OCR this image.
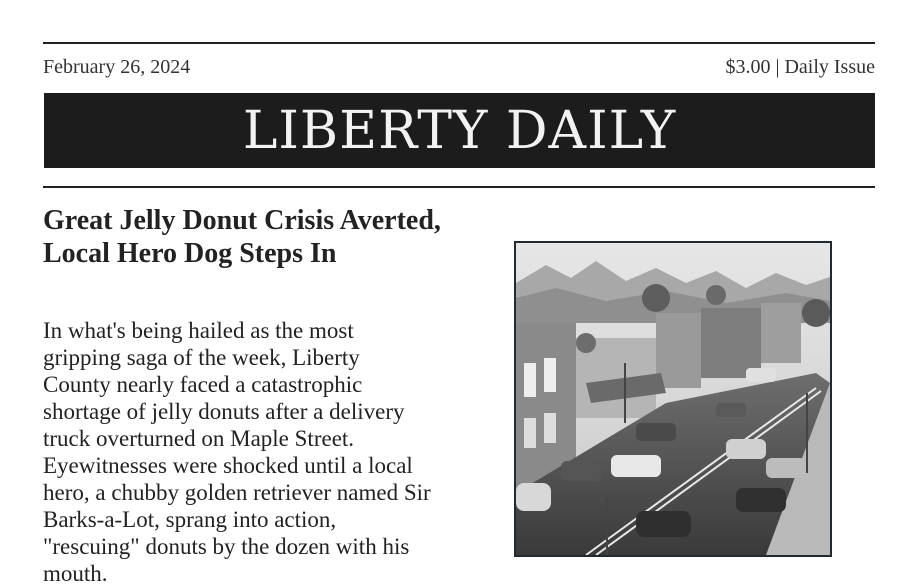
February 26, 2024	$3.00 | Daily Issue
LIBERTY DAILY
Great Jelly Donut Crisis Averted, Local Hero Dog Steps In

In what's being hailed as the most gripping saga of the week, Liberty County nearly faced a catastrophic shortage of jelly donuts after a delivery truck overturned on Maple Street. Eyewitnesses were shocked until a local hero, a chubby golden retriever named Sir Barks-a-Lot, sprang into action, "rescuing" donuts by the dozen with his mouth.
